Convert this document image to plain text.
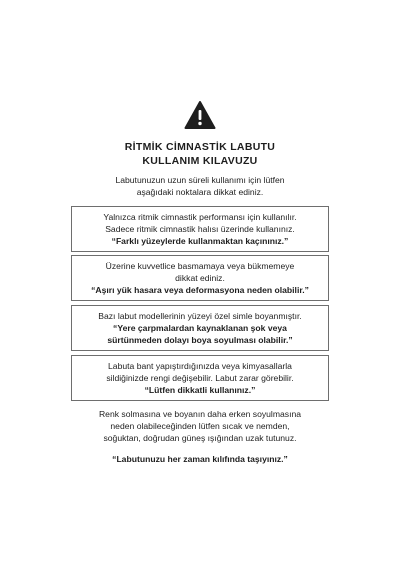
RİTMİK CİMNASTİK LABUTU
KULLANIM KILAVUZU
Labutunuzun uzun süreli kullanımı için lütfen
aşağıdaki noktalara dikkat ediniz.

Yalnızca ritmik cimnastik performansı için kullanılır.

Sadece ritmik cimnastik halısı üzerinde kullanınız.

“Farklı yüzeylerde kullanmaktan kaçınınız.”

Üzerine kuvvetlice basmamaya veya bükmemeye

dikkat ediniz.

“Aşırı yük hasara veya deformasyona neden olabilir.”

Bazı labut modellerinin yüzeyi özel simle boyanmıştır.

“Yere çarpmalardan kaynaklanan şok veya

sürtünmeden dolayı boya soyulması olabilir.”

Labuta bant yapıştırdığınızda veya kimyasallarla

sildiğinizde rengi değişebilir. Labut zarar görebilir.

“Lütfen dikkatli kullanınız.”

Renk solmasına ve boyanın daha erken soyulmasına

neden olabileceğinden lütfen sıcak ve nemden,

soğuktan, doğrudan güneş ışığından uzak tutunuz.

“Labutunuzu her zaman kılıfında taşıyınız.”
